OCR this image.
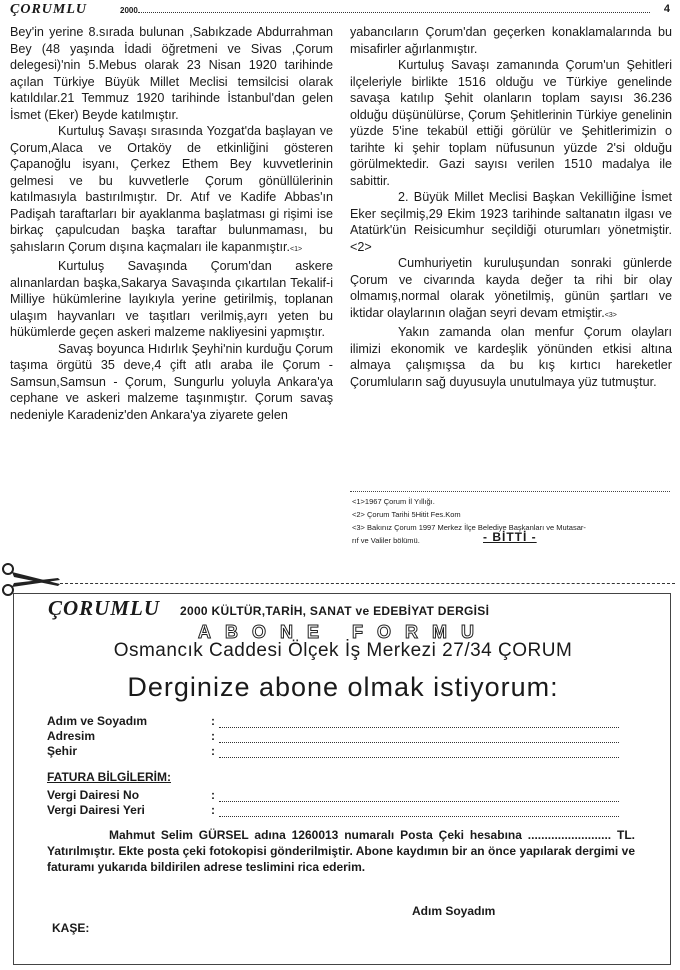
ÇORUMLU	2000	4

Bey'in yerine 8.sırada bulunan ,Sabıkzade Abdurrahman Bey (48 yaşında İdadi öğretmeni ve Sivas ,Çorum delegesi)'nin 5.Mebus olarak 23 Nisan 1920 tarihinde açılan Türkiye Büyük Millet Meclisi temsilcisi olarak katıldılar.21 Temmuz 1920 tarihinde İstanbul'dan gelen İsmet (Eker) Beyde katılmıştır.

Kurtuluş Savaşı sırasında Yozgat'da başlayan ve Çorum,Alaca ve Ortaköy de etkinliğini gösteren Çapanoğlu isyanı, Çerkez Ethem Bey kuvvetlerinin gelmesi ve bu kuvvetlerle Çorum gönüllülerinin katılmasıyla bastırılmıştır. Dr. Atıf ve Kadife Abbas'ın Padişah taraftarları bir ayaklanma başlatması gi rişimi ise birkaç çapulcudan başka taraftar bulunmaması, bu şahısların Çorum dışına kaçmaları ile kapanmıştır.<1>

Kurtuluş Savaşında Çorum'dan askere alınanlardan başka,Sakarya Savaşında çıkartılan Tekalif-i Milliye hükümlerine layıkıyla yerine getirilmiş, toplanan ulaşım hayvanları ve taşıtları verilmiş,ayrı yeten bu hükümlerde geçen askeri malzeme nakliyesini yapmıştır.

Savaş boyunca Hıdırlık Şeyhi'nin kurduğu Çorum taşıma örgütü 35 deve,4 çift atlı araba ile Çorum - Samsun,Samsun - Çorum, Sungurlu yoluyla Ankara'ya cephane ve askeri malzeme taşınmıştır. Çorum savaş nedeniyle Karadeniz'den Ankara'ya ziyarete gelen

yabancıların Çorum'dan geçerken konaklamalarında bu misafirler ağırlanmıştır.

Kurtuluş Savaşı zamanında Çorum'un Şehitleri ilçeleriyle birlikte 1516 olduğu ve Türkiye genelinde savaşa katılıp Şehit olanların toplam sayısı 36.236 olduğu düşünülürse, Çorum Şehitlerinin Türkiye genelinin yüzde 5'ine tekabül ettiği görülür ve Şehitlerimizin o tarihte ki şehir toplam nüfusunun yüzde 2'si olduğu görülmektedir. Gazi sayısı verilen 1510 madalya ile sabittir.

2. Büyük Millet Meclisi Başkan Vekilliğine İsmet Eker seçilmiş,29 Ekim 1923 tarihinde saltanatın ilgası ve Atatürk'ün Reisicumhur seçildiği oturumları yönetmiştir.<2>

Cumhuriyetin kuruluşundan sonraki günlerde Çorum ve civarında kayda değer ta rihi bir olay olmamış,normal olarak yönetilmiş, günün şartları ve iktidar olaylarının olağan seyri devam etmiştir.<3>

Yakın zamanda olan menfur Çorum olayları ilimizi ekonomik ve kardeşlik yönünden etkisi altına almaya çalışmışsa da bu kış kırtıcı hareketler Çorumluların sağ duyusuyla unutulmaya yüz tutmuştur.

<1>1967 Çorum İl Yıllığı.
<2> Çorum Tarihi 5Hitit Fes.Kom
<3> Bakınız Çorum 1997 Merkez İlçe Belediye Başkanları ve Mutasar-
rıf ve Valiler bölümü.	- BİTTİ -
ÇORUMLU 2000 KÜLTÜR,TARİH, SANAT ve EDEBİYAT DERGİSİ
ABONE FORMU
Osmancık Caddesi Ölçek İş Merkezi 27/34 ÇORUM
Derginize abone olmak istiyorum:
Adım ve Soyadım	:
Adresim	:
Şehir	:
FATURA BİLGİLERİM:
Vergi Dairesi No	:
Vergi Dairesi Yeri	:
Mahmut Selim GÜRSEL adına 1260013 numaralı Posta Çeki hesabına ......................... TL. Yatırılmıştır. Ekte posta çeki fotokopisi gönderilmiştir. Abone kaydımın bir an önce yapılarak dergimi ve faturamı yukarıda bildirilen adrese teslimini rica ederim.
Adım Soyadım
KAŞE:
